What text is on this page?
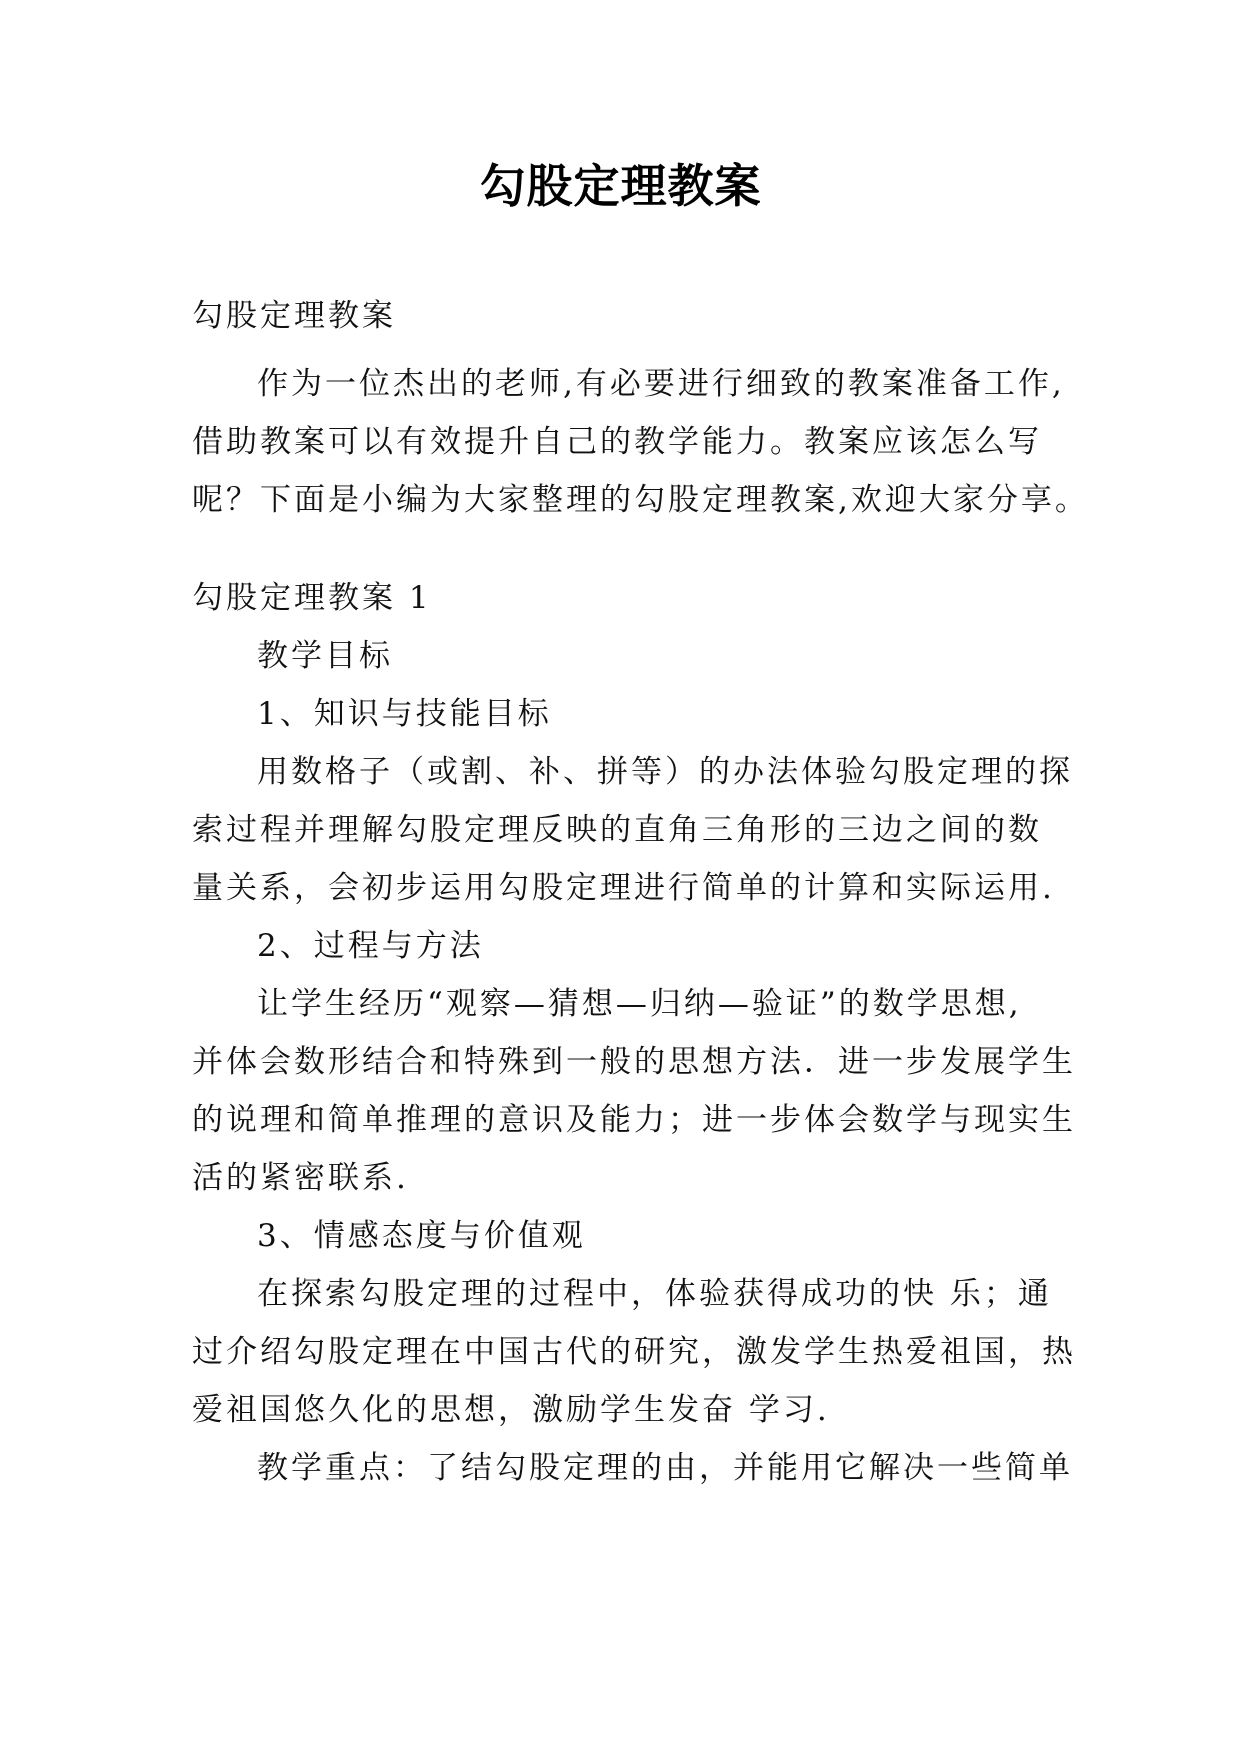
勾股定理教案
勾股定理教案
作为一位杰出的老师,有必要进行细致的教案准备工作,
借助教案可以有效提升自己的教学能力。教案应该怎么写
呢？下面是小编为大家整理的勾股定理教案,欢迎大家分享。
勾股定理教案 1
教学目标
1、知识与技能目标
用数格子（或割、补、拼等）的办法体验勾股定理的探
索过程并理解勾股定理反映的直角三角形的三边之间的数
量关系，会初步运用勾股定理进行简单的计算和实际运用.
2、过程与方法
让学生经历“观察—猜想—归纳—验证”的数学思想,
并体会数形结合和特殊到一般的思想方法．进一步发展学生
的说理和简单推理的意识及能力；进一步体会数学与现实生
活的紧密联系.
3、情感态度与价值观
在探索勾股定理的过程中，体验获得成功的快 乐；通
过介绍勾股定理在中国古代的研究，激发学生热爱祖国，热
爱祖国悠久化的思想，激励学生发奋 学习.
教学重点：了结勾股定理的由，并能用它解决一些简单
